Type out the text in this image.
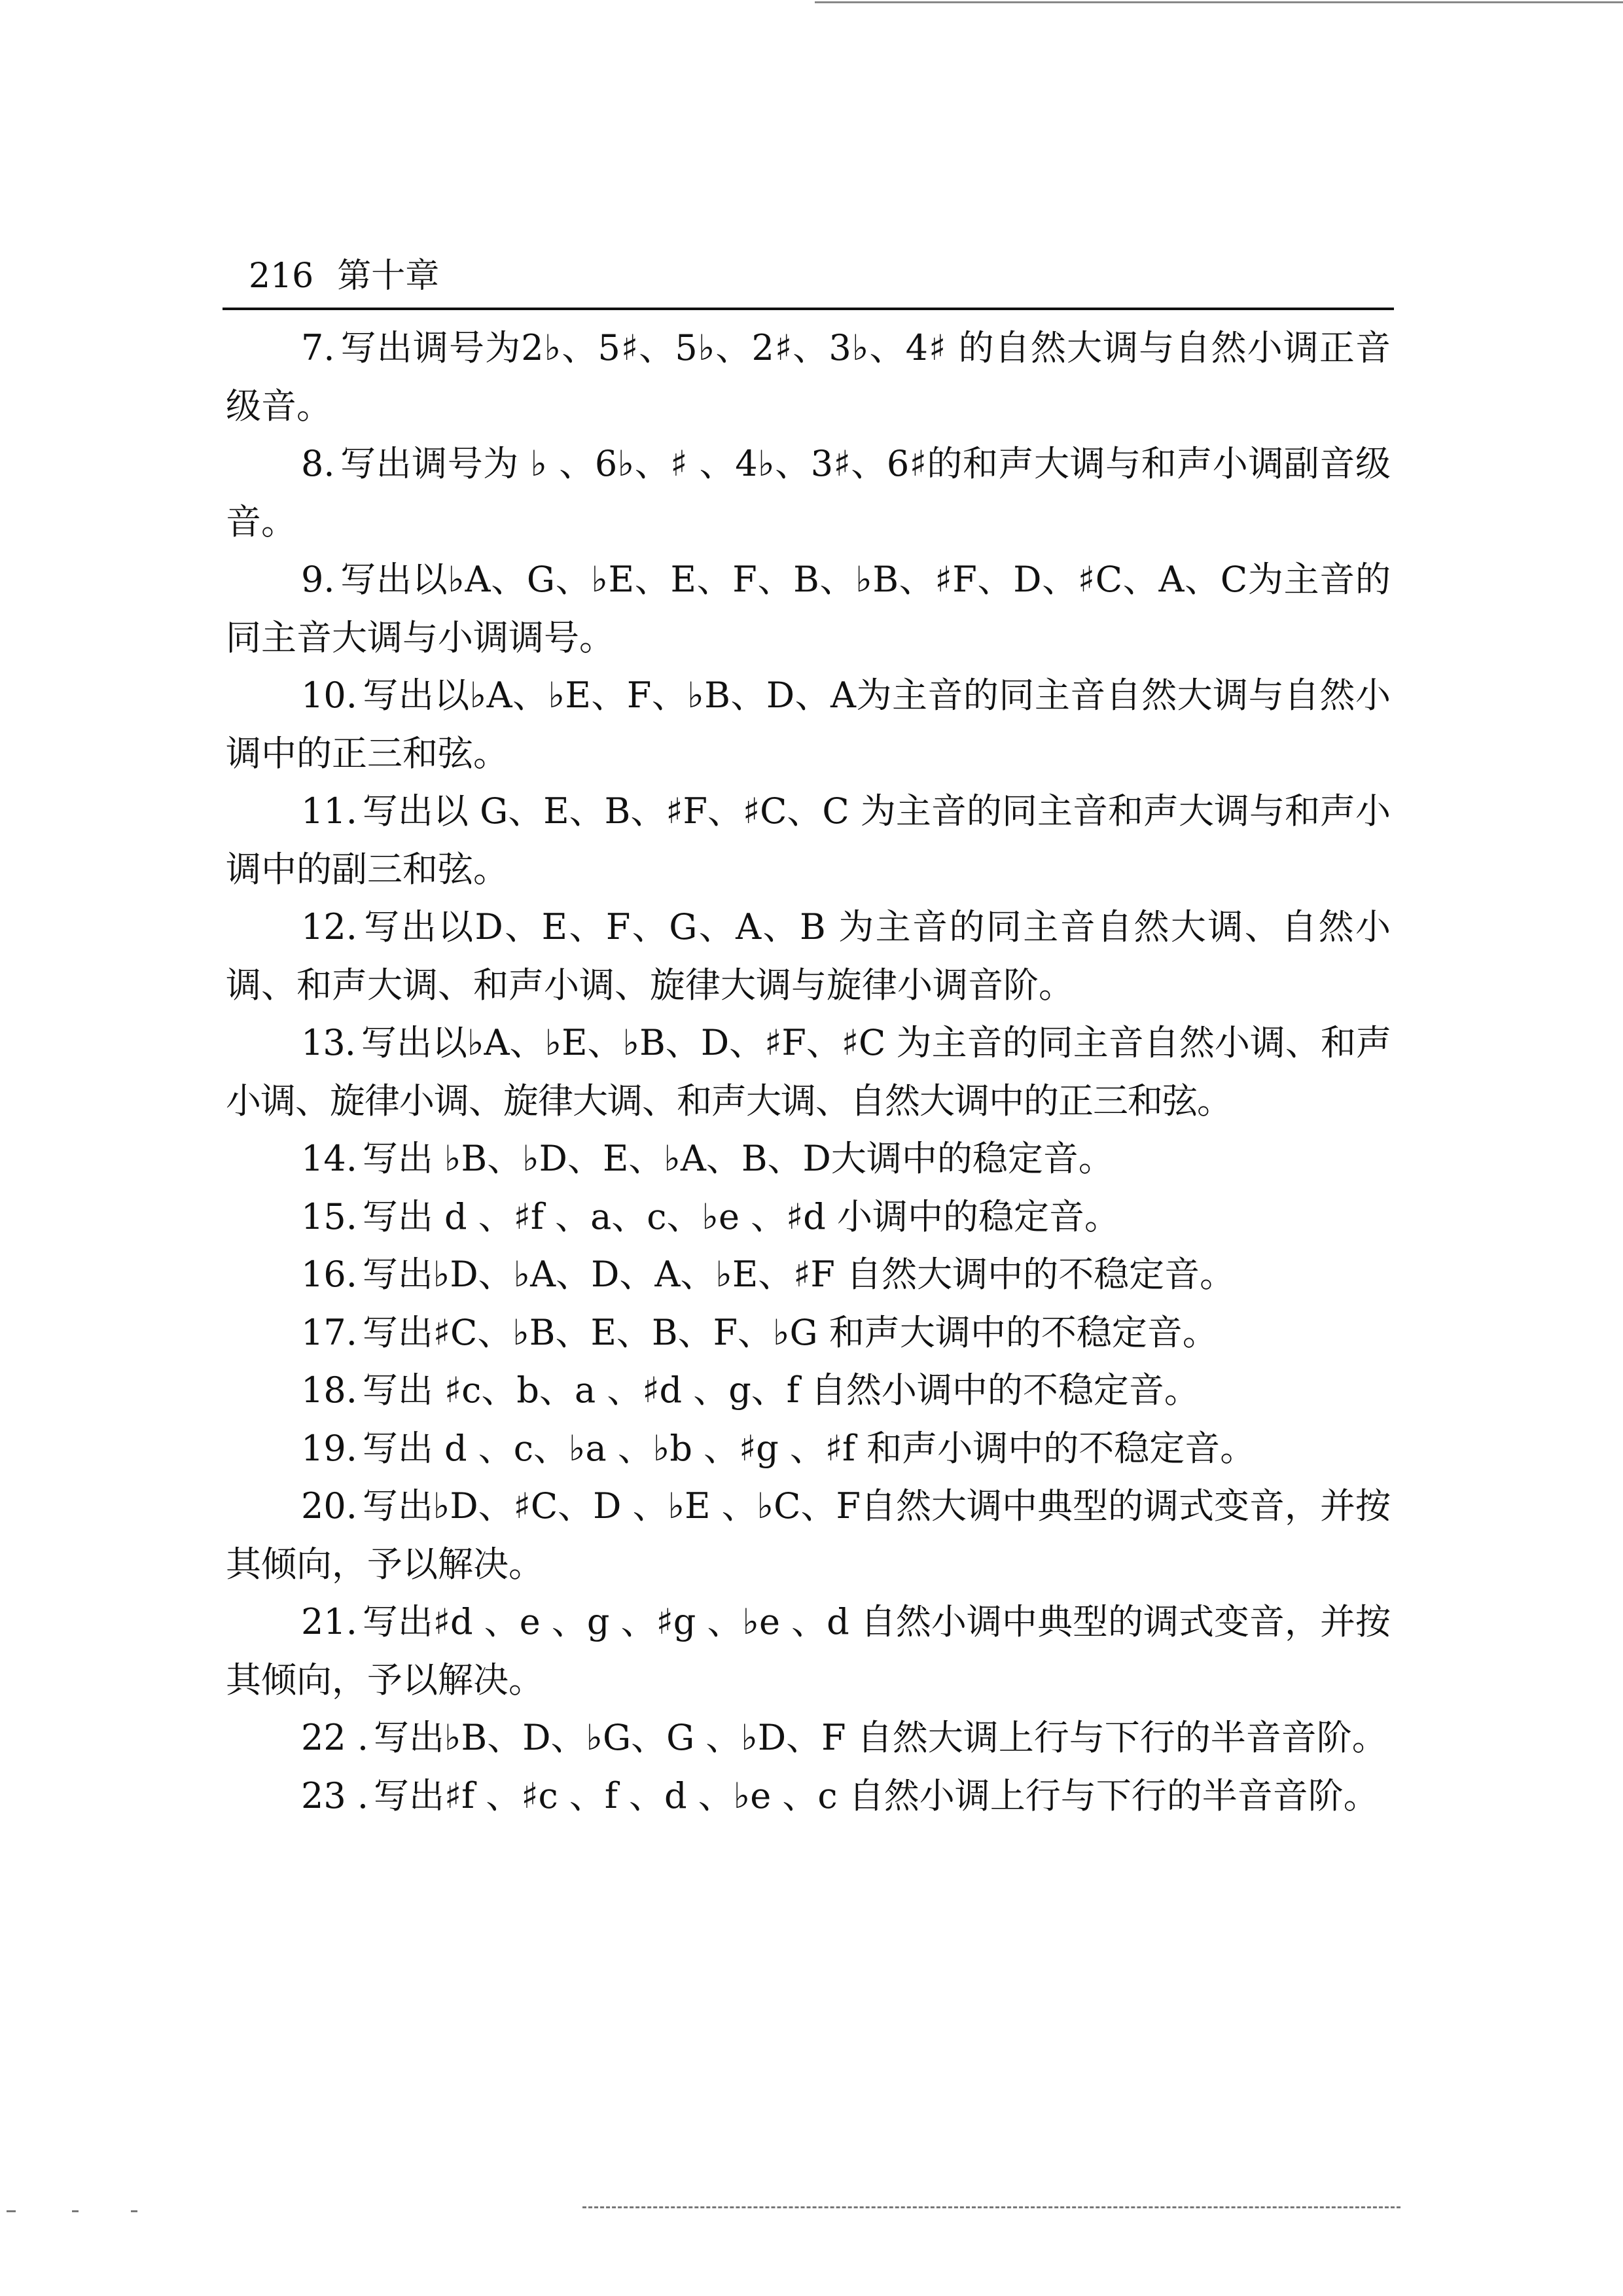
216 第十章

7. 写出调号为2♭、5♯、5♭、2♯、3♭、4♯ 的自然大调与自然小调正音级音。

8. 写出调号为 ♭ 、6♭、♯ 、4♭、3♯、6♯的和声大调与和声小调副音级音。

9. 写出以♭A、G、♭E、E、F、B、♭B、♯F、D、♯C、A、C为主音的同主音大调与小调调号。

10. 写出以♭A、♭E、F、♭B、D、A为主音的同主音自然大调与自然小调中的正三和弦。

11. 写出以 G、E、B、♯F、♯C、C 为主音的同主音和声大调与和声小调中的副三和弦。

12. 写出以D、E、F、G、A、B 为主音的同主音自然大调、自然小调、和声大调、和声小调、旋律大调与旋律小调音阶。

13. 写出以♭A、♭E、♭B、D、♯F、♯C 为主音的同主音自然小调、和声小调、旋律小调、旋律大调、和声大调、自然大调中的正三和弦。

14. 写出 ♭B、♭D、E、♭A、B、D大调中的稳定音。

15. 写出 d 、♯f 、a、c、♭e 、♯d 小调中的稳定音。

16. 写出♭D、♭A、D、A、♭E、♯F 自然大调中的不稳定音。

17. 写出♯C、♭B、E、B、F、♭G 和声大调中的不稳定音。

18. 写出 ♯c、b、a 、♯d 、g、f 自然小调中的不稳定音。

19. 写出 d 、c、♭a 、♭b 、♯g 、♯f 和声小调中的不稳定音。

20. 写出♭D、♯C、D 、♭E 、♭C、F自然大调中典型的调式变音，并按其倾向，予以解决。

21. 写出♯d 、e 、g 、♯g 、♭e 、d 自然小调中典型的调式变音，并按其倾向，予以解决。

22 . 写出♭B、D、♭G、G 、♭D、F 自然大调上行与下行的半音音阶。

23 . 写出♯f 、♯c 、f 、d 、♭e 、c 自然小调上行与下行的半音音阶。
